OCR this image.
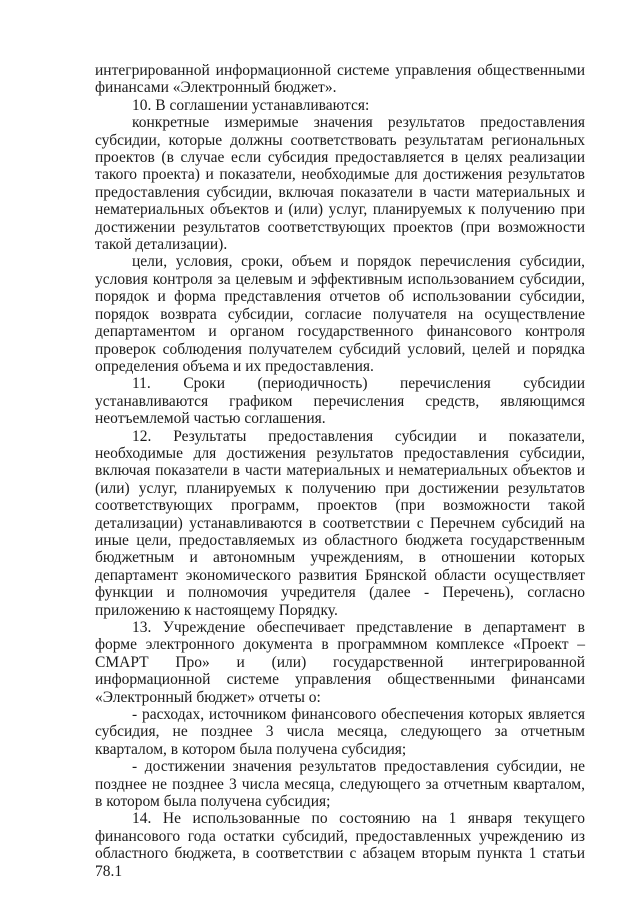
интегрированной информационной системе управления общественными финансами «Электронный бюджет».

10. В соглашении устанавливаются:

конкретные измеримые значения результатов предоставления субсидии, которые должны соответствовать результатам региональных проектов (в случае если субсидия предоставляется в целях реализации такого проекта) и показатели, необходимые для достижения результатов предоставления субсидии, включая показатели в части материальных и нематериальных объектов и (или) услуг, планируемых к получению при достижении результатов соответствующих проектов (при возможности такой детализации).

цели, условия, сроки, объем и порядок перечисления субсидии, условия контроля за целевым и эффективным использованием субсидии, порядок и форма представления отчетов об использовании субсидии, порядок возврата субсидии, согласие получателя на осуществление департаментом и органом государственного финансового контроля проверок соблюдения получателем субсидий условий, целей и порядка определения объема и их предоставления.

11. Сроки (периодичность) перечисления субсидии устанавливаются графиком перечисления средств, являющимся неотъемлемой частью соглашения.

12. Результаты предоставления субсидии и показатели, необходимые для достижения результатов предоставления субсидии, включая показатели в части материальных и нематериальных объектов и (или) услуг, планируемых к получению при достижении результатов соответствующих программ, проектов (при возможности такой детализации) устанавливаются в соответствии с Перечнем субсидий на иные цели, предоставляемых из областного бюджета государственным бюджетным и автономным учреждениям, в отношении которых департамент экономического развития Брянской области осуществляет функции и полномочия учредителя (далее - Перечень), согласно приложению к настоящему Порядку.

13. Учреждение обеспечивает представление в департамент в форме электронного документа в программном комплексе «Проект – СМАРТ Про» и (или) государственной интегрированной информационной системе управления общественными финансами «Электронный бюджет» отчеты о:

- расходах, источником финансового обеспечения которых является субсидия, не позднее 3 числа месяца, следующего за отчетным кварталом, в котором была получена субсидия;

- достижении значения результатов предоставления субсидии, не позднее не позднее 3 числа месяца, следующего за отчетным кварталом, в котором была получена субсидия;

14. Не использованные по состоянию на 1 января текущего финансового года остатки субсидий, предоставленных учреждению из областного бюджета, в соответствии с абзацем вторым пункта 1 статьи 78.1
